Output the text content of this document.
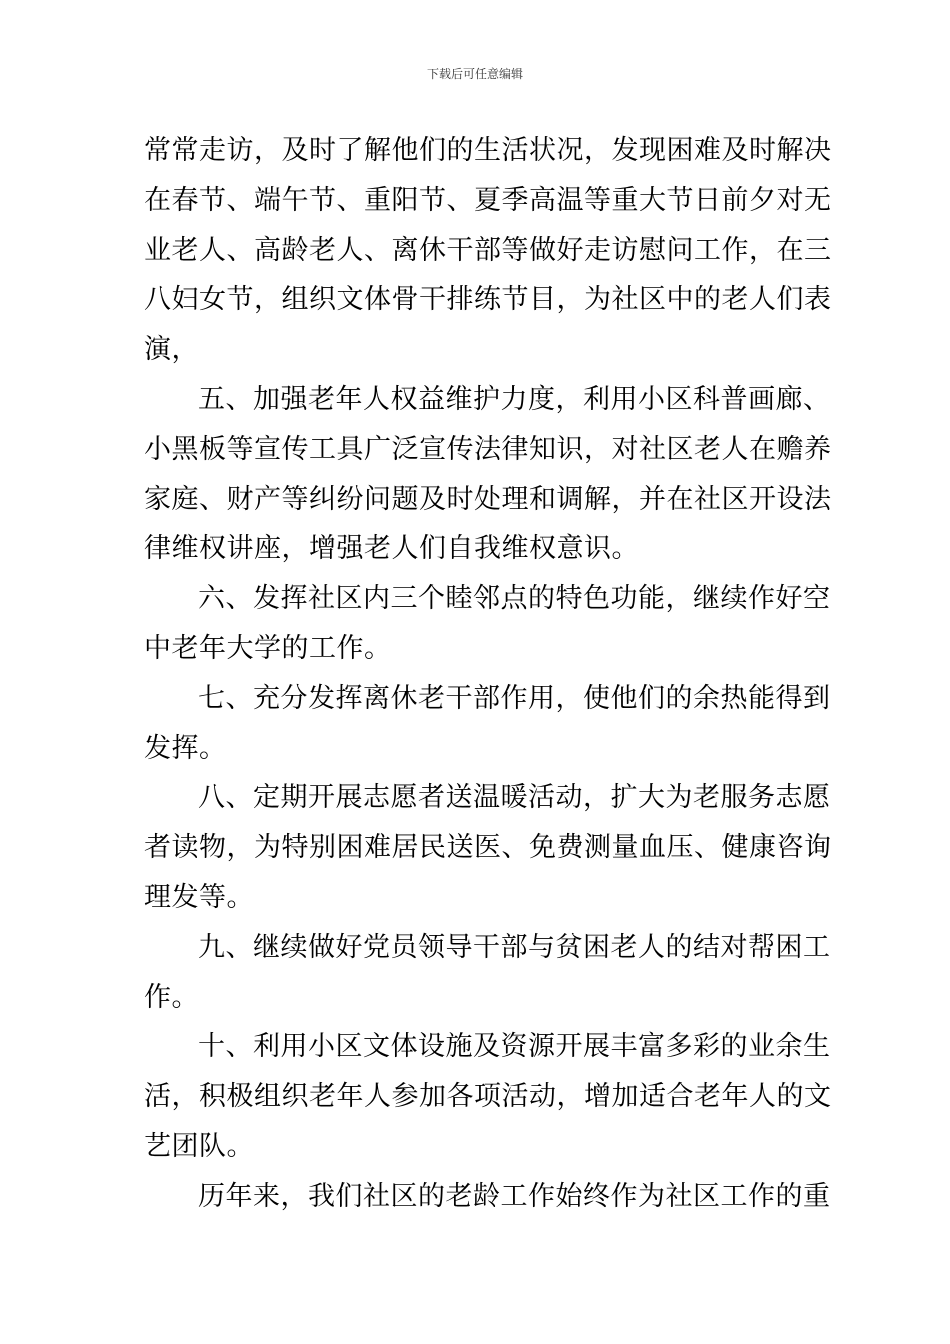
下载后可任意编辑
常常走访，及时了解他们的生活状况，发现困难及时解决
在春节、端午节、重阳节、夏季高温等重大节日前夕对无
业老人、高龄老人、离休干部等做好走访慰问工作，在三
八妇女节，组织文体骨干排练节目，为社区中的老人们表
演，
五、加强老年人权益维护力度，利用小区科普画廊、
小黑板等宣传工具广泛宣传法律知识，对社区老人在赡养
家庭、财产等纠纷问题及时处理和调解，并在社区开设法
律维权讲座，增强老人们自我维权意识。
六、发挥社区内三个睦邻点的特色功能，继续作好空
中老年大学的工作。
七、充分发挥离休老干部作用，使他们的余热能得到
发挥。
八、定期开展志愿者送温暖活动，扩大为老服务志愿
者读物，为特别困难居民送医、免费测量血压、健康咨询
理发等。
九、继续做好党员领导干部与贫困老人的结对帮困工
作。
十、利用小区文体设施及资源开展丰富多彩的业余生
活，积极组织老年人参加各项活动，增加适合老年人的文
艺团队。
历年来，我们社区的老龄工作始终作为社区工作的重
